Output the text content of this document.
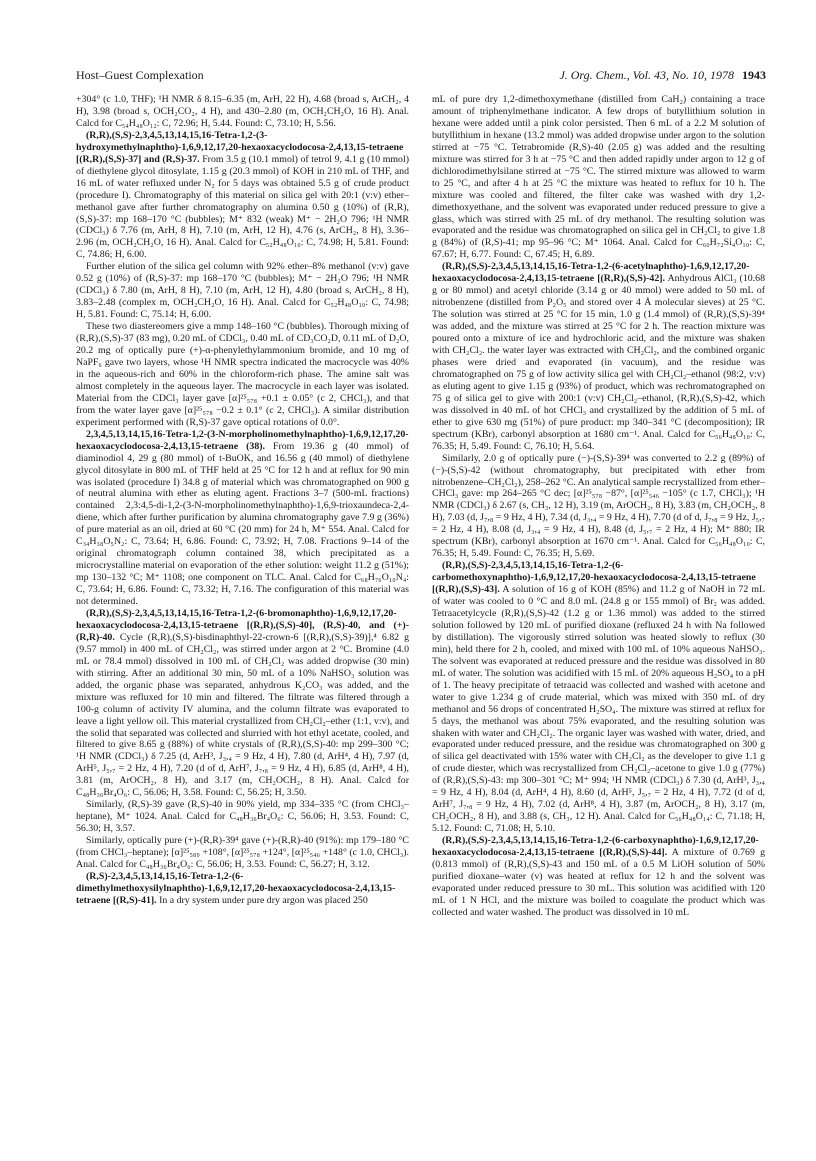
Host–Guest Complexation	J. Org. Chem., Vol. 43, No. 10, 1978 1943

+304° (c 1.0, THF); ¹H NMR δ 8.15–6.35 (m, ArH, 22 H), 4.68 (broad s, ArCH₂, 4 H), 3.98 (broad s, OCH₂CO₂, 4 H), and 430–2.80 (m, OCH₂CH₂O, 16 H). Anal. Calcd for C₅₄H₄₈O₁₂: C, 72.96; H, 5.44. Found: C, 73.10; H, 5.56.

(R,R),(S,S)-2,3,4,5,13,14,15,16-Tetra-1,2-(3-hydroxymethylnaphtho)-1,6,9,12,17,20-hexaoxacyclodocosa-2,4,13,15-tetraene [(R,R),(S,S)-37] and (R,S)-37. From 3.5 g (10.1 mmol) of tetrol 9, 4.1 g (10 mmol) of diethylene glycol ditosylate, 1.15 g (20.3 mmol) of KOH in 210 mL of THF, and 16 mL of water refluxed under N₂ for 5 days was obtained 5.5 g of crude product (procedure I). Chromatography of this material on silica gel with 20:1 (v:v) ether–methanol gave after further chromatography on alumina 0.50 g (10%) of (R,R),(S,S)-37: mp 168–170 °C (bubbles); M⁺ 832 (weak) M⁺ − 2H₂O 796; ¹H NMR (CDCl₃) δ 7.76 (m, ArH, 8 H), 7.10 (m, ArH, 12 H), 4.76 (s, ArCH₂, 8 H), 3.36–2.96 (m, OCH₂CH₂O, 16 H). Anal. Calcd for C₅₂H₄₈O₁₀: C, 74.98; H, 5.81. Found: C, 74.86; H, 6.00.

Further elution of the silica gel column with 92% ether–8% methanol (v:v) gave 0.52 g (10%) of (R,S)-37: mp 168–170 °C (bubbles); M⁺ − 2H₂O 796; ¹H NMR (CDCl₃) δ 7.80 (m, ArH, 8 H), 7.10 (m, ArH, 12 H), 4.80 (broad s, ArCH₂, 8 H), 3.83–2.48 (complex m, OCH₂CH₂O, 16 H). Anal. Calcd for C₅₂H₄₈O₁₀: C, 74.98; H, 5.81. Found: C, 75.14; H, 6.00.

These two diastereomers give a mmp 148–160 °C (bubbles). Thorough mixing of (R,R),(S,S)-37 (83 mg), 0.20 mL of CDCl₃, 0.40 mL of CD₃CO₂D, 0.11 mL of D₂O, 20.2 mg of optically pure (+)-α-phenylethylammonium bromide, and 10 mg of NaPF₆ gave two layers, whose ¹H NMR spectra indicated the macrocycle was 40% in the aqueous-rich and 60% in the chloroform-rich phase. The amine salt was almost completely in the aqueous layer. The macrocycle in each layer was isolated. Material from the CDCl₃ layer gave [α]²⁵₅₇₈ +0.1 ± 0.05° (c 2, CHCl₃), and that from the water layer gave [α]²⁵₅₇₈ −0.2 ± 0.1° (c 2, CHCl₃). A similar distribution experiment performed with (R,S)-37 gave optical rotations of 0.0°.

2,3,4,5,13,14,15,16-Tetra-1,2-(3-N-morpholinomethylnaphtho)-1,6,9,12,17,20-hexaoxacyclodocosa-2,4,13,15-tetraene (38). From 19.36 g (40 mmol) of diaminodiol 4, 29 g (80 mmol) of t-BuOK, and 16.56 g (40 mmol) of diethylene glycol ditosylate in 800 mL of THF held at 25 °C for 12 h and at reflux for 90 min was isolated (procedure I) 34.8 g of material which was chromatographed on 900 g of neutral alumina with ether as eluting agent. Fractions 3–7 (500-mL fractions) contained 2,3:4,5-di-1,2-(3-N-morpholinomethylnaphtho)-1,6,9-trioxaundeca-2,4-diene, which after further purification by alumina chromatography gave 7.9 g (36%) of pure material as an oil, dried at 60 °C (20 mm) for 24 h, M⁺ 554. Anal. Calcd for C₃₄H₃₈O₅N₂: C, 73.64; H, 6.86. Found: C, 73.92; H, 7.08. Fractions 9–14 of the original chromatograph column contained 38, which precipitated as a microcrystalline material on evaporation of the ether solution: weight 11.2 g (51%); mp 130–132 °C; M⁺ 1108; one component on TLC. Anal. Calcd for C₆₈H₇₆O₁₀N₄: C, 73.64; H, 6.86. Found: C, 73.32; H, 7.16. The configuration of this material was not determined.

(R,R),(S,S)-2,3,4,5,13,14,15,16-Tetra-1,2-(6-bromonaphtho)-1,6,9,12,17,20-hexaoxacyclodocosa-2,4,13,15-tetraene [(R,R),(S,S)-40], (R,S)-40, and (+)-(R,R)-40. Cycle (R,R),(S,S)-bisdinaphthyl-22-crown-6 [(R,R),(S,S)-39)],⁴ 6.82 g (9.57 mmol) in 400 mL of CH₂Cl₂, was stirred under argon at 2 °C. Bromine (4.0 mL or 78.4 mmol) dissolved in 100 mL of CH₂Cl₂ was added dropwise (30 min) with stirring. After an additional 30 min, 50 mL of a 10% NaHSO₃ solution was added, the organic phase was separated, anhydrous K₂CO₃ was added, and the mixture was refluxed for 10 min and filtered. The filtrate was filtered through a 100-g column of activity IV alumina, and the column filtrate was evaporated to leave a light yellow oil. This material crystallized from CH₂Cl₂–ether (1:1, v:v), and the solid that separated was collected and slurried with hot ethyl acetate, cooled, and filtered to give 8.65 g (88%) of white crystals of (R,R),(S,S)-40: mp 299–300 °C; ¹H NMR (CDCl₃) δ 7.25 (d, ArH³, J₃,₄ = 9 Hz, 4 H), 7.80 (d, ArH⁴, 4 H), 7.97 (d, ArH⁵, J₅,₇ = 2 Hz, 4 H), 7.20 (d of d, ArH⁷, J₇,₈ = 9 Hz, 4 H), 6.85 (d, ArH⁸, 4 H), 3.81 (m, ArOCH₂, 8 H), and 3.17 (m, CH₂OCH₂, 8 H). Anal. Calcd for C₄₈H₃₆Br₄O₆: C, 56.06; H, 3.58. Found: C, 56.25; H, 3.50.

Similarly, (R,S)-39 gave (R,S)-40 in 90% yield, mp 334–335 °C (from CHCl₃–heptane), M⁺ 1024. Anal. Calcd for C₄₈H₃₆Br₄O₆: C, 56.06; H, 3.53. Found: C, 56.30; H, 3.57.

Similarly, optically pure (+)-(R,R)-39⁴ gave (+)-(R,R)-40 (91%): mp 179–180 °C (from CHCl₃–heptane); [α]²⁵₅₈₉ +108°, [α]²⁵₅₇₈ +124°, [α]²⁵₅₄₆ +148° (c 1.0, CHCl₃). Anal. Calcd for C₄₈H₃₆Br₄O₆: C, 56.06; H, 3.53. Found: C, 56.27; H, 3.12.

(R,S)-2,3,4,5,13,14,15,16-Tetra-1,2-(6-dimethylmethoxysilylnaphtho)-1,6,9,12,17,20-hexaoxacyclodocosa-2,4,13,15-tetraene [(R,S)-41]. In a dry system under pure dry argon was placed 250

mL of pure dry 1,2-dimethoxymethane (distilled from CaH₂) containing a trace amount of triphenylmethane indicator. A few drops of butyllithium solution in hexane were added until a pink color persisted. Then 6 mL of a 2.2 M solution of butyllithium in hexane (13.2 mmol) was added dropwise under argon to the solution stirred at −75 °C. Tetrabromide (R,S)-40 (2.05 g) was added and the resulting mixture was stirred for 3 h at −75 °C and then added rapidly under argon to 12 g of dichlorodimethylsilane stirred at −75 °C. The stirred mixture was allowed to warm to 25 °C, and after 4 h at 25 °C the mixture was heated to reflux for 10 h. The mixture was cooled and filtered, the filter cake was washed with dry 1,2-dimethoxyethane, and the solvent was evaporated under reduced pressure to give a glass, which was stirred with 25 mL of dry methanol. The resulting solution was evaporated and the residue was chromatographed on silica gel in CH₂Cl₂ to give 1.8 g (84%) of (R,S)-41; mp 95–96 °C; M⁺ 1064. Anal. Calcd for C₆₀H₇₂Si₄O₁₀: C, 67.67; H, 6.77. Found: C, 67.45; H, 6.89.

(R,R),(S,S)-2,3,4,5,13,14,15,16-Tetra-1,2-(6-acetylnaphtho)-1,6,9,12,17,20-hexaoxacyclodocosa-2,4,13,15-tetraene [(R,R),(S,S)-42]. Anhydrous AlCl₃ (10.68 g or 80 mmol) and acetyl chloride (3.14 g or 40 mmol) were added to 50 mL of nitrobenzene (distilled from P₂O₅ and stored over 4 Å molecular sieves) at 25 °C. The solution was stirred at 25 °C for 15 min, 1.0 g (1.4 mmol) of (R,R),(S,S)-39⁴ was added, and the mixture was stirred at 25 °C for 2 h. The reaction mixture was poured onto a mixture of ice and hydrochloric acid, and the mixture was shaken with CH₂Cl₂. the water layer was extracted with CH₂Cl₂, and the combined organic phases were dried and evaporated (in vacuum), and the residue was chromatographed on 75 g of low activity silica gel with CH₂Cl₂–ethanol (98:2, v:v) as eluting agent to give 1.15 g (93%) of product, which was rechromatographed on 75 g of silica gel to give with 200:1 (v:v) CH₂Cl₂–ethanol, (R,R),(S,S)-42, which was dissolved in 40 mL of hot CHCl₃ and crystallized by the addition of 5 mL of ether to give 630 mg (51%) of pure product: mp 340–341 °C (decomposition); IR spectrum (KBr), carbonyl absorption at 1680 cm⁻¹. Anal. Calcd for C₅₆H₄₈O₁₀: C, 76.35; H, 5.49. Found: C, 76.10; H, 5.64.

Similarly, 2.0 g of optically pure (−)-(S,S)-39⁴ was converted to 2.2 g (89%) of (−)-(S,S)-42 (without chromatography, but precipitated with ether from nitrobenzene–CH₂Cl₂), 258–262 °C. An analytical sample recrystallized from ether–CHCl₃ gave: mp 264–265 °C dec; [α]²⁵₅₇₈ −87°, [α]²⁵₅₄₆ −105° (c 1.7, CHCl₃); ¹H NMR (CDCl₃) δ 2.67 (s, CH₃, 12 H), 3.19 (m, ArOCH₂, 8 H), 3.83 (m, CH₂OCH₂, 8 H), 7.03 (d, J₇,₈ = 9 Hz, 4 H), 7.34 (d, J₃,₄ = 9 Hz, 4 H), 7.70 (d of d, J₇,₈ = 9 Hz, J₅,₇ = 2 Hz, 4 H), 8.08 (d, J₃,₄ = 9 Hz, 4 H), 8.48 (d, J₅,₇ = 2 Hz, 4 H); M⁺ 880; IR spectrum (KBr), carbonyl absorption at 1670 cm⁻¹. Anal. Calcd for C₅₆H₄₈O₁₀: C, 76.35; H, 5.49. Found: C, 76.35; H, 5.69.

(R,R),(S,S)-2,3,4,5,13,14,15,16-Tetra-1,2-(6-carbomethoxynaphtho)-1,6,9,12,17,20-hexaoxacyclodocosa-2,4,13,15-tetraene [(R,R),(S,S)-43]. A solution of 16 g of KOH (85%) and 11.2 g of NaOH in 72 mL of water was cooled to 0 °C and 8.0 mL (24.8 g or 155 mmol) of Br₂ was added. Tetraacetylcycle (R,R),(S,S)-42 (1.2 g or 1.36 mmol) was added to the stirred solution followed by 120 mL of purified dioxane (refluxed 24 h with Na followed by distillation). The vigorously stirred solution was heated slowly to reflux (30 min), held there for 2 h, cooled, and mixed with 100 mL of 10% aqueous NaHSO₃. The solvent was evaporated at reduced pressure and the residue was dissolved in 80 mL of water. The solution was acidified with 15 mL of 20% aqueous H₂SO₄ to a pH of 1. The heavy precipitate of tetraacid was collected and washed with acetone and water to give 1.234 g of crude material, which was mixed with 350 mL of dry methanol and 56 drops of concentrated H₂SO₄. The mixture was stirred at reflux for 5 days, the methanol was about 75% evaporated, and the resulting solution was shaken with water and CH₂Cl₂. The organic layer was washed with water, dried, and evaporated under reduced pressure, and the residue was chromatographed on 300 g of silica gel deactivated with 15% water with CH₂Cl₂ as the developer to give 1.1 g of crude diester, which was recrystallized from CH₂Cl₂–acetone to give 1.0 g (77%) of (R,R),(S,S)-43: mp 300–301 °C; M⁺ 994; ¹H NMR (CDCl₃) δ 7.30 (d, ArH³, J₃,₄ = 9 Hz, 4 H), 8.04 (d, ArH⁴, 4 H), 8.60 (d, ArH⁵, J₅,₇ = 2 Hz, 4 H), 7.72 (d of d, ArH⁷, J₇,₈ = 9 Hz, 4 H), 7.02 (d, ArH⁸, 4 H), 3.87 (m, ArOCH₂, 8 H), 3.17 (m, CH₂OCH₂, 8 H), and 3.88 (s, CH₃, 12 H). Anal. Calcd for C₅₆H₄₈O₁₄: C, 71.18; H, 5.12. Found: C, 71.08; H, 5.10.

(R,R),(S,S)-2,3,4,5,13,14,15,16-Tetra-1,2-(6-carboxynaphtho)-1,6,9,12,17,20-hexaoxacyclodocosa-2,4,13,15-tetraene [(R,R),(S,S)-44]. A mixture of 0.769 g (0.813 mmol) of (R,R),(S,S)-43 and 150 mL of a 0.5 M LiOH solution of 50% purified dioxane–water (v) was heated at reflux for 12 h and the solvent was evaporated under reduced pressure to 30 mL. This solution was acidified with 120 mL of 1 N HCl, and the mixture was boiled to coagulate the product which was collected and water washed. The product was dissolved in 10 mL
